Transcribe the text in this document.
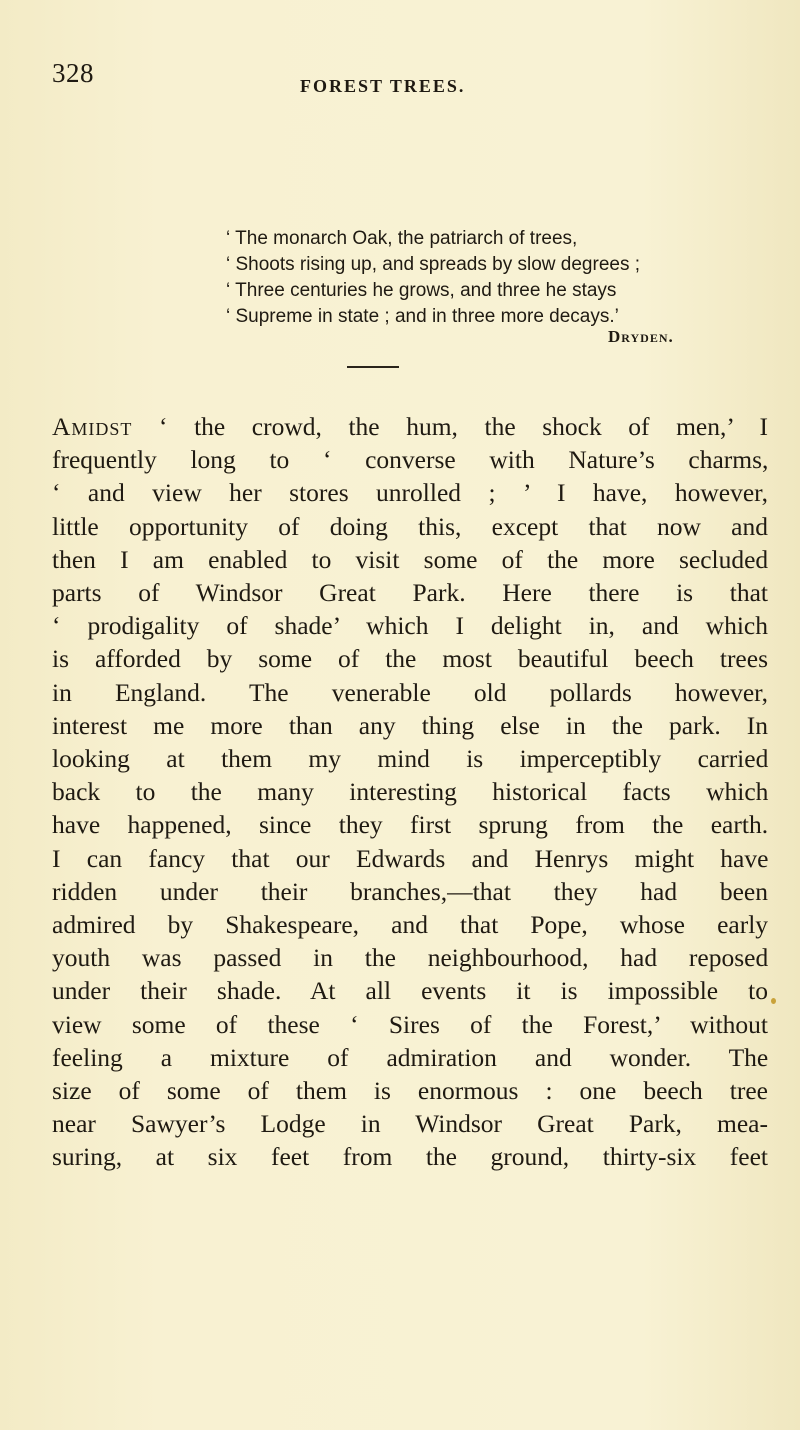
328	FOREST TREES.
‘ The monarch Oak, the patriarch of trees,
‘ Shoots rising up, and spreads by slow degrees ;
‘ Three centuries he grows, and three he stays
‘ Supreme in state ; and in three more decays.’
Dryden.
Amidst ‘ the crowd, the hum, the shock of men,’ I
frequently long to ‘ converse with Nature’s charms,
‘ and view her stores unrolled ; ’ I have, however,
little opportunity of doing this, except that now and
then I am enabled to visit some of the more secluded
parts of Windsor Great Park. Here there is that
‘ prodigality of shade’ which I delight in, and which
is afforded by some of the most beautiful beech trees
in England. The venerable old pollards however,
interest me more than any thing else in the park. In
looking at them my mind is imperceptibly carried
back to the many interesting historical facts which
have happened, since they first sprung from the earth.
I can fancy that our Edwards and Henrys might have
ridden under their branches,—that they had been
admired by Shakespeare, and that Pope, whose early
youth was passed in the neighbourhood, had reposed
under their shade. At all events it is impossible to
view some of these ‘ Sires of the Forest,’ without
feeling a mixture of admiration and wonder. The
size of some of them is enormous : one beech tree
near Sawyer’s Lodge in Windsor Great Park, mea-
suring, at six feet from the ground, thirty-six feet
